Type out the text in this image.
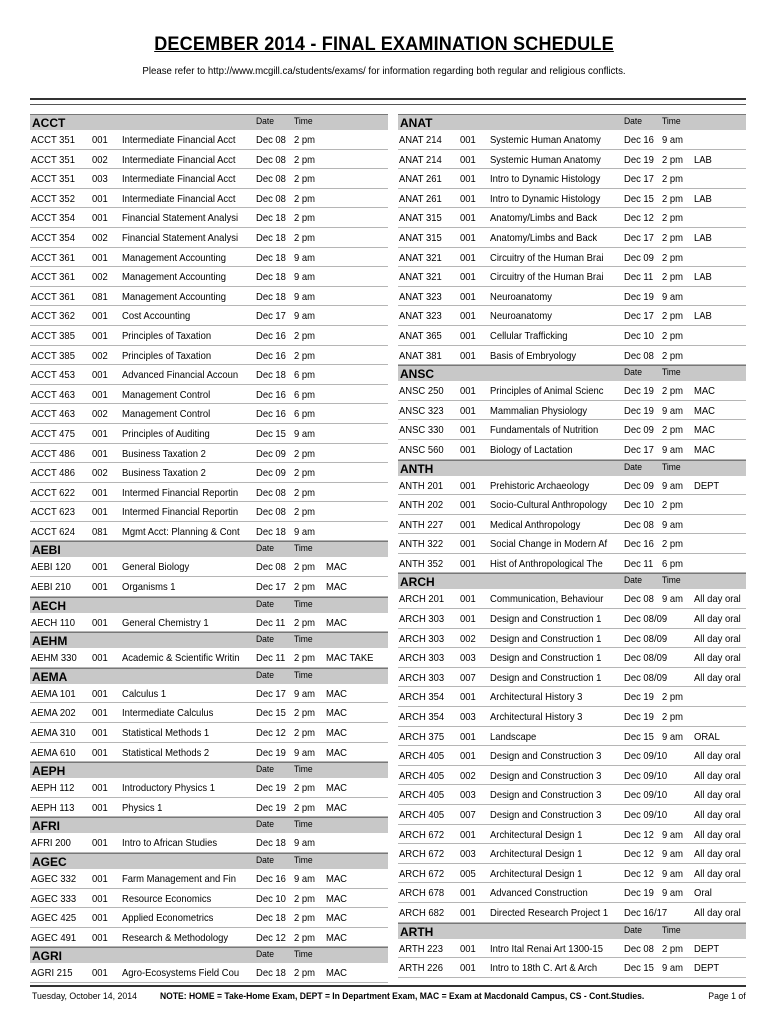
DECEMBER 2014 - FINAL EXAMINATION SCHEDULE
Please refer to http://www.mcgill.ca/students/exams/ for information regarding both regular and religious conflicts.
ACCT	Date Time
ACCT 351 001 Intermediate Financial Acct	Dec 08 2 pm
ACCT 351 002 Intermediate Financial Acct	Dec 08 2 pm
ACCT 351 003 Intermediate Financial Acct	Dec 08 2 pm
ACCT 352 001 Intermediate Financial Acct	Dec 08 2 pm
ACCT 354 001 Financial Statement Analysi	Dec 18 2 pm
ACCT 354 002 Financial Statement Analysi	Dec 18 2 pm
ACCT 361 001 Management Accounting	Dec 18 9 am
ACCT 361 002 Management Accounting	Dec 18 9 am
ACCT 361 081 Management Accounting	Dec 18 9 am
ACCT 362 001 Cost Accounting	Dec 17 9 am
ACCT 385 001 Principles of Taxation	Dec 16 2 pm
ACCT 385 002 Principles of Taxation	Dec 16 2 pm
ACCT 453 001 Advanced Financial Accoun	Dec 18 6 pm
ACCT 463 001 Management Control	Dec 16 6 pm
ACCT 463 002 Management Control	Dec 16 6 pm
ACCT 475 001 Principles of Auditing	Dec 15 9 am
ACCT 486 001 Business Taxation 2	Dec 09 2 pm
ACCT 486 002 Business Taxation 2	Dec 09 2 pm
ACCT 622 001 Intermed Financial Reportin	Dec 08 2 pm
ACCT 623 001 Intermed Financial Reportin	Dec 08 2 pm
ACCT 624 081 Mgmt Acct: Planning & Cont	Dec 18 9 am
AEBI	Date Time
AEBI 120 001 General Biology	Dec 08 2 pm MAC
AEBI 210 001 Organisms 1	Dec 17 2 pm MAC
AECH	Date Time
AECH 110 001 General Chemistry 1	Dec 11 2 pm MAC
AEHM	Date Time
AEHM 330 001 Academic & Scientific Writin	Dec 11 2 pm MAC TAKE
AEMA	Date Time
AEMA 101 001 Calculus 1	Dec 17 9 am MAC
AEMA 202 001 Intermediate Calculus	Dec 15 2 pm MAC
AEMA 310 001 Statistical Methods 1	Dec 12 2 pm MAC
AEMA 610 001 Statistical Methods 2	Dec 19 9 am MAC
AEPH	Date Time
AEPH 112 001 Introductory Physics 1	Dec 19 2 pm MAC
AEPH 113 001 Physics 1	Dec 19 2 pm MAC
AFRI	Date Time
AFRI 200 001 Intro to African Studies	Dec 18 9 am
AGEC	Date Time
AGEC 332 001 Farm Management and Fin	Dec 16 9 am MAC
AGEC 333 001 Resource Economics	Dec 10 2 pm MAC
AGEC 425 001 Applied Econometrics	Dec 18 2 pm MAC
AGEC 491 001 Research & Methodology	Dec 12 2 pm MAC
AGRI	Date Time
AGRI 215 001 Agro-Ecosystems Field Cou	Dec 18 2 pm MAC
ANAT	Date Time
ANAT 214 001 Systemic Human Anatomy	Dec 16 9 am
ANAT 214 001 Systemic Human Anatomy	Dec 19 2 pm LAB
ANAT 261 001 Intro to Dynamic Histology	Dec 17 2 pm
ANAT 261 001 Intro to Dynamic Histology	Dec 15 2 pm LAB
ANAT 315 001 Anatomy/Limbs and Back	Dec 12 2 pm
ANAT 315 001 Anatomy/Limbs and Back	Dec 17 2 pm LAB
ANAT 321 001 Circuitry of the Human Brai	Dec 09 2 pm
ANAT 321 001 Circuitry of the Human Brai	Dec 11 2 pm LAB
ANAT 323 001 Neuroanatomy	Dec 19 9 am
ANAT 323 001 Neuroanatomy	Dec 17 2 pm LAB
ANAT 365 001 Cellular Trafficking	Dec 10 2 pm
ANAT 381 001 Basis of Embryology	Dec 08 2 pm
ANSC	Date Time
ANSC 250 001 Principles of Animal Scienc	Dec 19 2 pm MAC
ANSC 323 001 Mammalian Physiology	Dec 19 9 am MAC
ANSC 330 001 Fundamentals of Nutrition	Dec 09 2 pm MAC
ANSC 560 001 Biology of Lactation	Dec 17 9 am MAC
ANTH	Date Time
ANTH 201 001 Prehistoric Archaeology	Dec 09 9 am DEPT
ANTH 202 001 Socio-Cultural Anthropology	Dec 10 2 pm
ANTH 227 001 Medical Anthropology	Dec 08 9 am
ANTH 322 001 Social Change in Modern Af	Dec 16 2 pm
ANTH 352 001 Hist of Anthropological The	Dec 11 6 pm
ARCH	Date Time
ARCH 201 001 Communication, Behaviour	Dec 08 9 am All day oral
ARCH 303 001 Design and Construction 1	Dec 08/09	All day oral
ARCH 303 002 Design and Construction 1	Dec 08/09	All day oral
ARCH 303 003 Design and Construction 1	Dec 08/09	All day oral
ARCH 303 007 Design and Construction 1	Dec 08/09	All day oral
ARCH 354 001 Architectural History 3	Dec 19 2 pm
ARCH 354 003 Architectural History 3	Dec 19 2 pm
ARCH 375 001 Landscape	Dec 15 9 am ORAL
ARCH 405 001 Design and Construction 3	Dec 09/10	All day oral
ARCH 405 002 Design and Construction 3	Dec 09/10	All day oral
ARCH 405 003 Design and Construction 3	Dec 09/10	All day oral
ARCH 405 007 Design and Construction 3	Dec 09/10	All day oral
ARCH 672 001 Architectural Design 1	Dec 12 9 am All day oral
ARCH 672 003 Architectural Design 1	Dec 12 9 am All day oral
ARCH 672 005 Architectural Design 1	Dec 12 9 am All day oral
ARCH 678 001 Advanced Construction	Dec 19 9 am Oral
ARCH 682 001 Directed Research Project 1	Dec 16/17	All day oral
ARTH	Date Time
ARTH 223 001 Intro Ital Renai Art 1300-15	Dec 08 2 pm DEPT
ARTH 226 001 Intro to 18th C. Art & Arch	Dec 15 9 am DEPT
Tuesday, October 14, 2014 NOTE: HOME = Take-Home Exam, DEPT = In Department Exam, MAC = Exam at Macdonald Campus, CS - Cont.Studies.	Page 1 of
